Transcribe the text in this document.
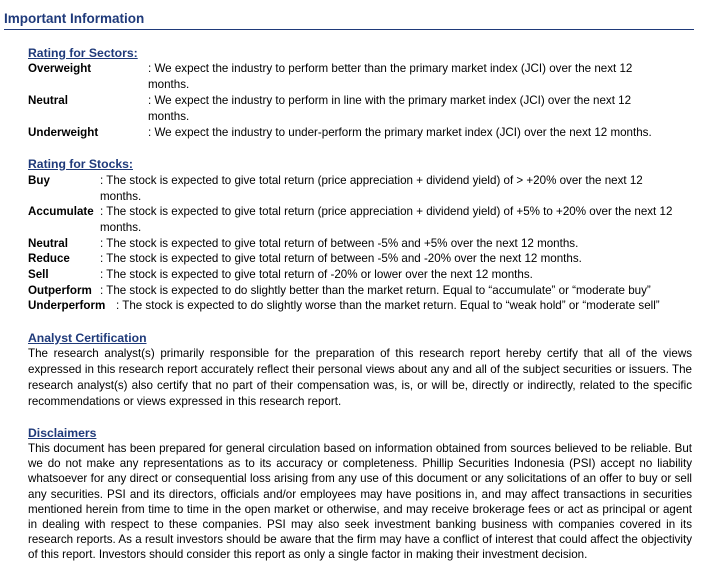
Important Information
Rating for Sectors:
Overweight	: We expect the industry to perform better than the primary market index (JCI) over the next 12 months.
Neutral	: We expect the industry to perform in line with the primary market index (JCI) over the next 12 months.
Underweight	: We expect the industry to under-perform the primary market index (JCI) over the next 12 months.
Rating for Stocks:
Buy	: The stock is expected to give total return (price appreciation + dividend yield) of > +20% over the next 12 months.
Accumulate : The stock is expected to give total return (price appreciation + dividend yield) of +5% to +20% over the next 12 months.
Neutral	: The stock is expected to give total return of between -5% and +5% over the next 12 months.
Reduce	: The stock is expected to give total return of between -5% and -20% over the next 12 months.
Sell	: The stock is expected to give total return of -20% or lower over the next 12 months.
Outperform : The stock is expected to do slightly better than the market return. Equal to “accumulate” or “moderate buy”
Underperform : The stock is expected to do slightly worse than the market return. Equal to “weak hold” or “moderate sell”
Analyst Certification
The research analyst(s) primarily responsible for the preparation of this research report hereby certify that all of the views expressed in this research report accurately reflect their personal views about any and all of the subject securities or issuers. The research analyst(s) also certify that no part of their compensation was, is, or will be, directly or indirectly, related to the specific recommendations or views expressed in this research report.
Disclaimers
This document has been prepared for general circulation based on information obtained from sources believed to be reliable. But we do not make any representations as to its accuracy or completeness. Phillip Securities Indonesia (PSI) accept no liability whatsoever for any direct or consequential loss arising from any use of this document or any solicitations of an offer to buy or sell any securities. PSI and its directors, officials and/or employees may have positions in, and may affect transactions in securities mentioned herein from time to time in the open market or otherwise, and may receive brokerage fees or act as principal or agent in dealing with respect to these companies. PSI may also seek investment banking business with companies covered in its research reports. As a result investors should be aware that the firm may have a conflict of interest that could affect the objectivity of this report. Investors should consider this report as only a single factor in making their investment decision.
